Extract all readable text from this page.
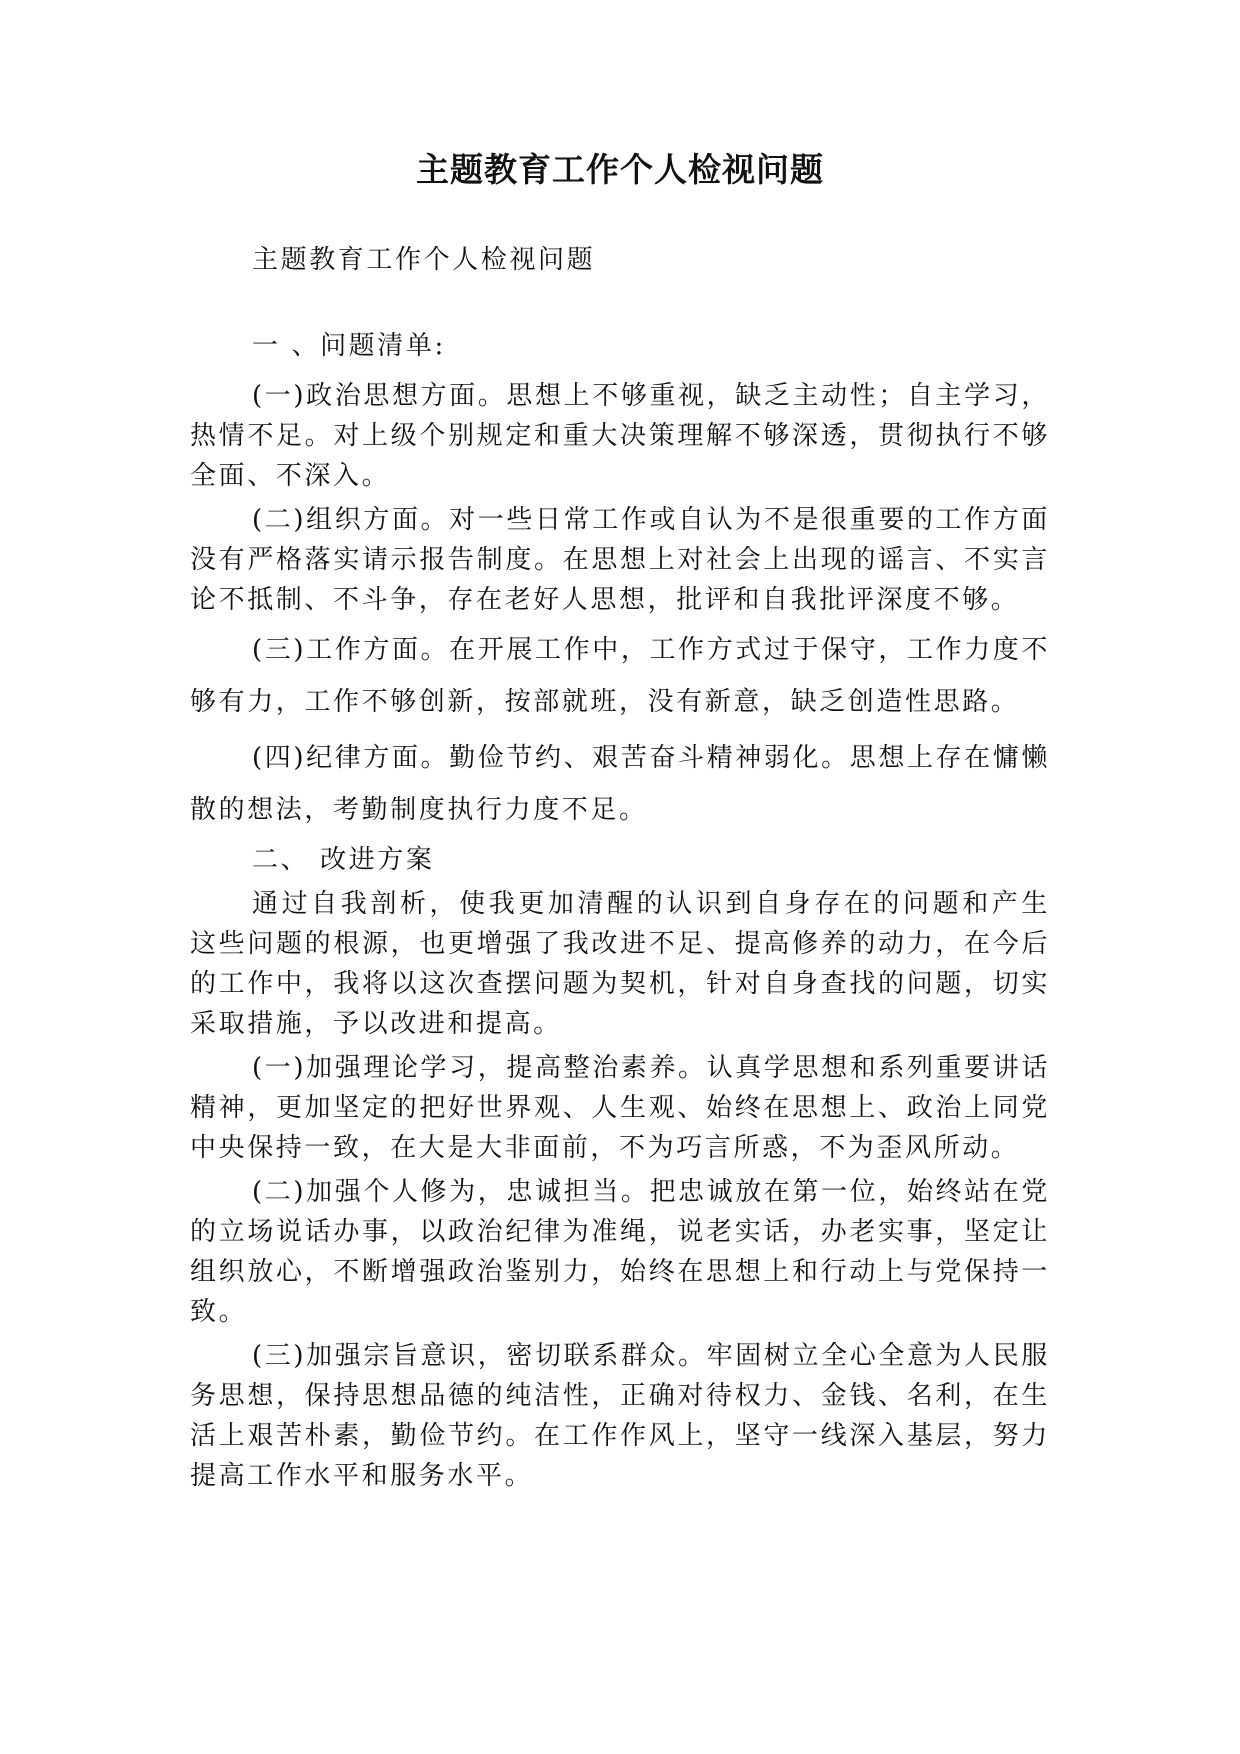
主题教育工作个人检视问题

主题教育工作个人检视问题

一 、问题清单:

(一)政治思想方面。思想上不够重视，缺乏主动性；自主学习，热情不足。对上级个别规定和重大决策理解不够深透，贯彻执行不够全面、不深入。

(二)组织方面。对一些日常工作或自认为不是很重要的工作方面没有严格落实请示报告制度。在思想上对社会上出现的谣言、不实言论不抵制、不斗争，存在老好人思想，批评和自我批评深度不够。

(三)工作方面。在开展工作中，工作方式过于保守，工作力度不够有力，工作不够创新，按部就班，没有新意，缺乏创造性思路。

(四)纪律方面。勤俭节约、艰苦奋斗精神弱化。思想上存在慵懒散的想法，考勤制度执行力度不足。

二、 改进方案

通过自我剖析，使我更加清醒的认识到自身存在的问题和产生这些问题的根源，也更增强了我改进不足、提高修养的动力，在今后的工作中，我将以这次查摆问题为契机，针对自身查找的问题，切实采取措施，予以改进和提高。

(一)加强理论学习，提高整治素养。认真学思想和系列重要讲话精神，更加坚定的把好世界观、人生观、始终在思想上、政治上同党中央保持一致，在大是大非面前，不为巧言所惑，不为歪风所动。

(二)加强个人修为，忠诚担当。把忠诚放在第一位，始终站在党的立场说话办事，以政治纪律为准绳，说老实话，办老实事，坚定让组织放心，不断增强政治鉴别力，始终在思想上和行动上与党保持一致。

(三)加强宗旨意识，密切联系群众。牢固树立全心全意为人民服务思想，保持思想品德的纯洁性，正确对待权力、金钱、名利，在生活上艰苦朴素，勤俭节约。在工作作风上，坚守一线深入基层，努力提高工作水平和服务水平。
